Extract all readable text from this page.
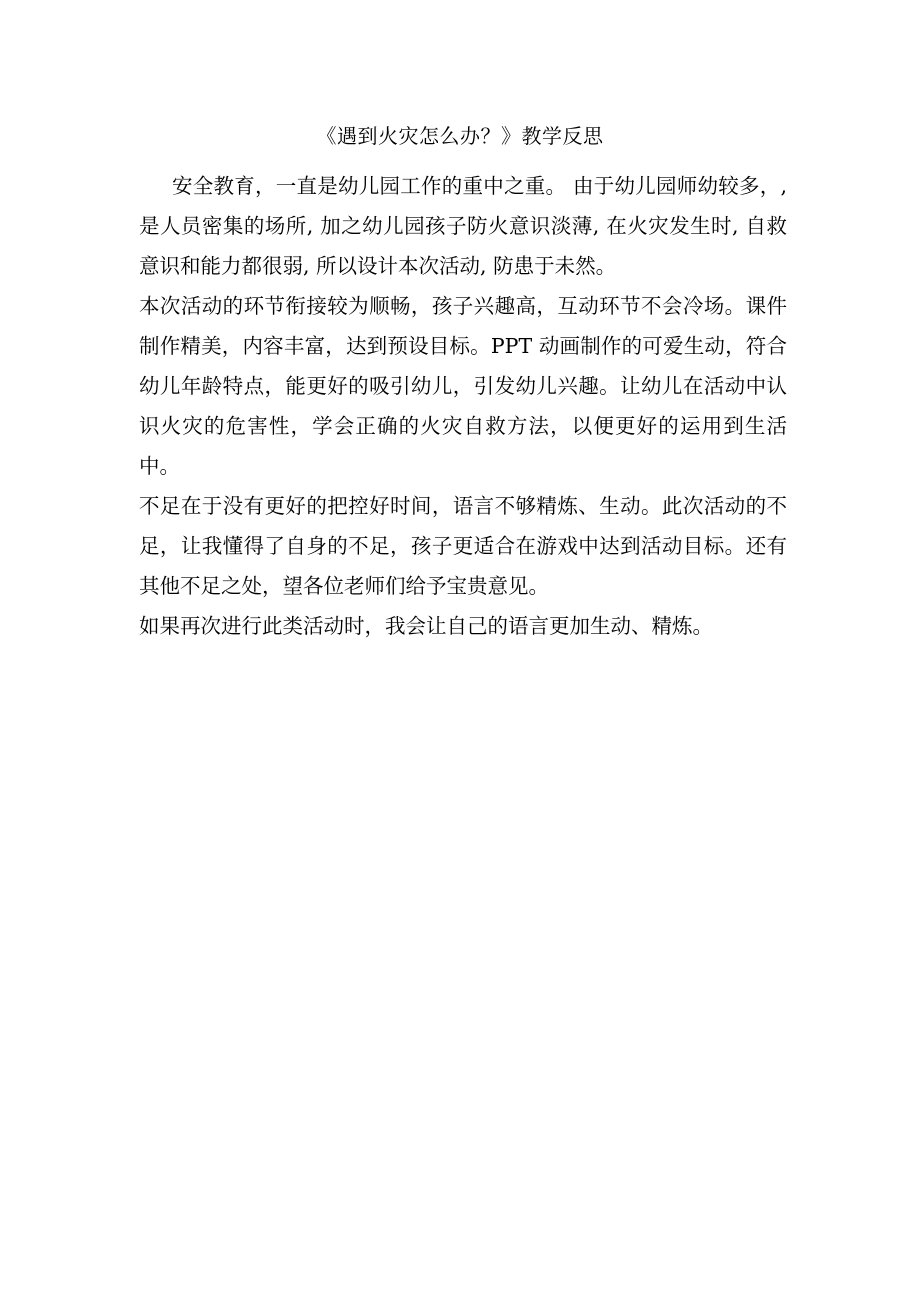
《遇到火灾怎么办？》教学反思

安全教育，一直是幼儿园工作的重中之重。 由于幼儿园师幼较多，, 是人员密集的场所, 加之幼儿园孩子防火意识淡薄, 在火灾发生时, 自救意识和能力都很弱, 所以设计本次活动, 防患于未然。

本次活动的环节衔接较为顺畅，孩子兴趣高，互动环节不会冷场。课件制作精美，内容丰富，达到预设目标。PPT 动画制作的可爱生动，符合幼儿年龄特点，能更好的吸引幼儿，引发幼儿兴趣。让幼儿在活动中认识火灾的危害性，学会正确的火灾自救方法，以便更好的运用到生活中。

不足在于没有更好的把控好时间，语言不够精炼、生动。此次活动的不足，让我懂得了自身的不足，孩子更适合在游戏中达到活动目标。还有其他不足之处，望各位老师们给予宝贵意见。

如果再次进行此类活动时，我会让自己的语言更加生动、精炼。
